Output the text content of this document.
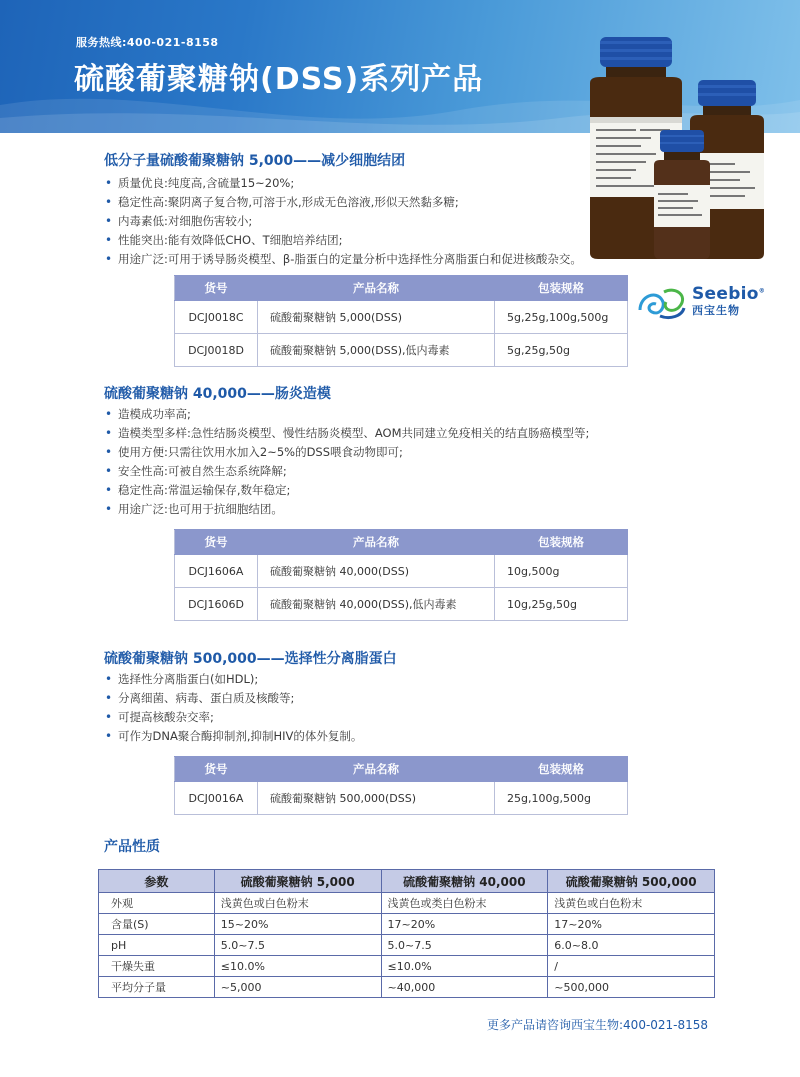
服务热线:400-021-8158
硫酸葡聚糖钠(DSS)系列产品
Seebio®
西宝生物
低分子量硫酸葡聚糖钠 5,000——减少细胞结团
• 质量优良:纯度高,含硫量15~20%;
• 稳定性高:聚阴离子复合物,可溶于水,形成无色溶液,形似天然黏多糖;
• 内毒素低:对细胞伤害较小;
• 性能突出:能有效降低CHO、T细胞培养结团;
• 用途广泛:可用于诱导肠炎模型、β-脂蛋白的定量分析中选择性分离脂蛋白和促进核酸杂交。
货号	产品名称	包装规格
DCJ0018C	硫酸葡聚糖钠 5,000(DSS)	5g,25g,100g,500g
DCJ0018D	硫酸葡聚糖钠 5,000(DSS),低内毒素	5g,25g,50g
硫酸葡聚糖钠 40,000——肠炎造模
• 造模成功率高;
• 造模类型多样:急性结肠炎模型、慢性结肠炎模型、AOM共同建立免疫相关的结直肠癌模型等;
• 使用方便:只需往饮用水加入2~5%的DSS喂食动物即可;
• 安全性高:可被自然生态系统降解;
• 稳定性高:常温运输保存,数年稳定;
• 用途广泛:也可用于抗细胞结团。
货号	产品名称	包装规格
DCJ1606A	硫酸葡聚糖钠 40,000(DSS)	10g,500g
DCJ1606D	硫酸葡聚糖钠 40,000(DSS),低内毒素	10g,25g,50g
硫酸葡聚糖钠 500,000——选择性分离脂蛋白
• 选择性分离脂蛋白(如HDL);
• 分离细菌、病毒、蛋白质及核酸等;
• 可提高核酸杂交率;
• 可作为DNA聚合酶抑制剂,抑制HIV的体外复制。
货号	产品名称	包装规格
DCJ0016A	硫酸葡聚糖钠 500,000(DSS)	25g,100g,500g
产品性质
参数	硫酸葡聚糖钠 5,000	硫酸葡聚糖钠 40,000	硫酸葡聚糖钠 500,000
外观	浅黄色或白色粉末	浅黄色或类白色粉末	浅黄色或白色粉末
含量(S)	15~20%	17~20%	17~20%
pH	5.0~7.5	5.0~7.5	6.0~8.0
干燥失重	≤10.0%	≤10.0%	/
平均分子量	~5,000	~40,000	~500,000
更多产品请咨询西宝生物:400-021-8158
